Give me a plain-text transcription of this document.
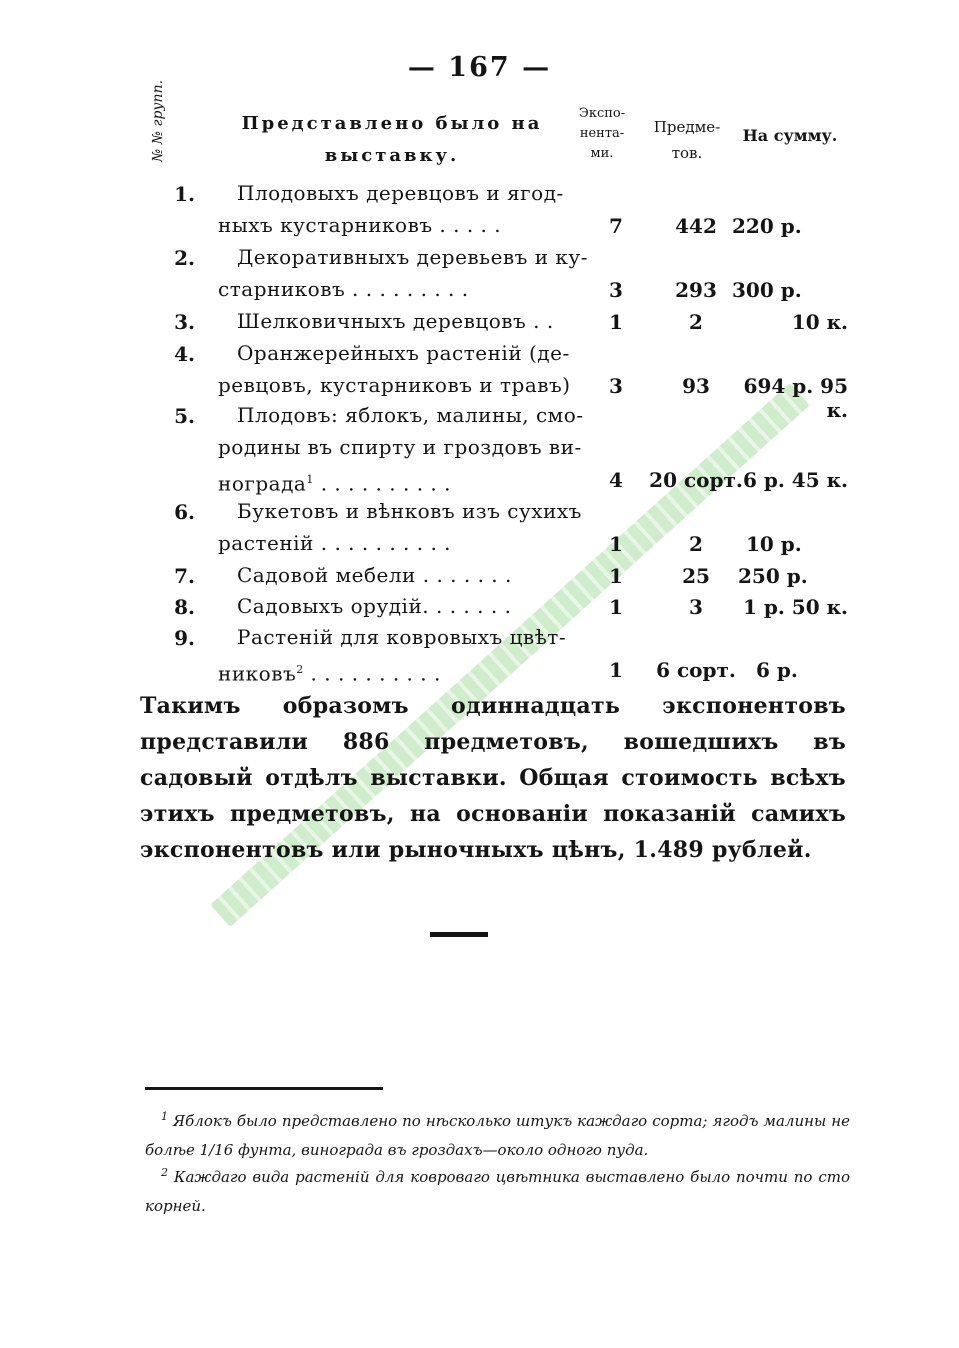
— 167 —
№ № групп.	Представлено было на
выставку.
Экспо-
нента-
ми.
Предме-
тов.
На сумму.
1. Плодовыхъ деревцовъ и ягод-
ныхъ кустарниковъ . . . . .	7	442 220 р.
2. Декоративныхъ деревьевъ и ку-
старниковъ . . . . . . . . .	3	293 300 р.
3. Шелковичныхъ деревцовъ . .	1	2	10 к.
4. Оранжерейныхъ растеній (де-
ревцовъ, кустарниковъ и травъ)	3	93	694 р. 95 к.
5. Плодовъ: яблокъ, малины, смо-
родины въ спирту и гроздовъ ви-
нограда$^1$ . . . . . . . . . .	4	20 сорт. 6 р. 45 к.
6. Букетовъ и вѣнковъ изъ сухихъ
растеній . . . . . . . . . .	1	2	10 р.
7. Садовой мебели . . . . . . .	1	25	250 р.
8. Садовыхъ орудій. . . . . . .	1	3	1 р. 50 к.
9. Растеній для ковровыхъ цвѣт-
никовъ$^2$ . . . . . . . . . .	1	6 сорт.	6 р.
Такимъ образомъ одиннадцать экспонентовъ представили 886 предметовъ, вошедшихъ въ садовый отдѣлъ выставки. Общая стоимость всѣхъ этихъ предметовъ, на основаніи показаній самихъ экспонентовъ или рыночныхъ цѣнъ, 1.489 рублей.
$^1$ Яблокъ было представлено по нѣсколько штукъ каждаго сорта; ягодъ малины не болѣе 1/16 фунта, винограда въ гроздахъ—около одного пуда.
$^2$ Каждаго вида растеній для ковроваго цвѣтника выставлено было почти по сто корней.
